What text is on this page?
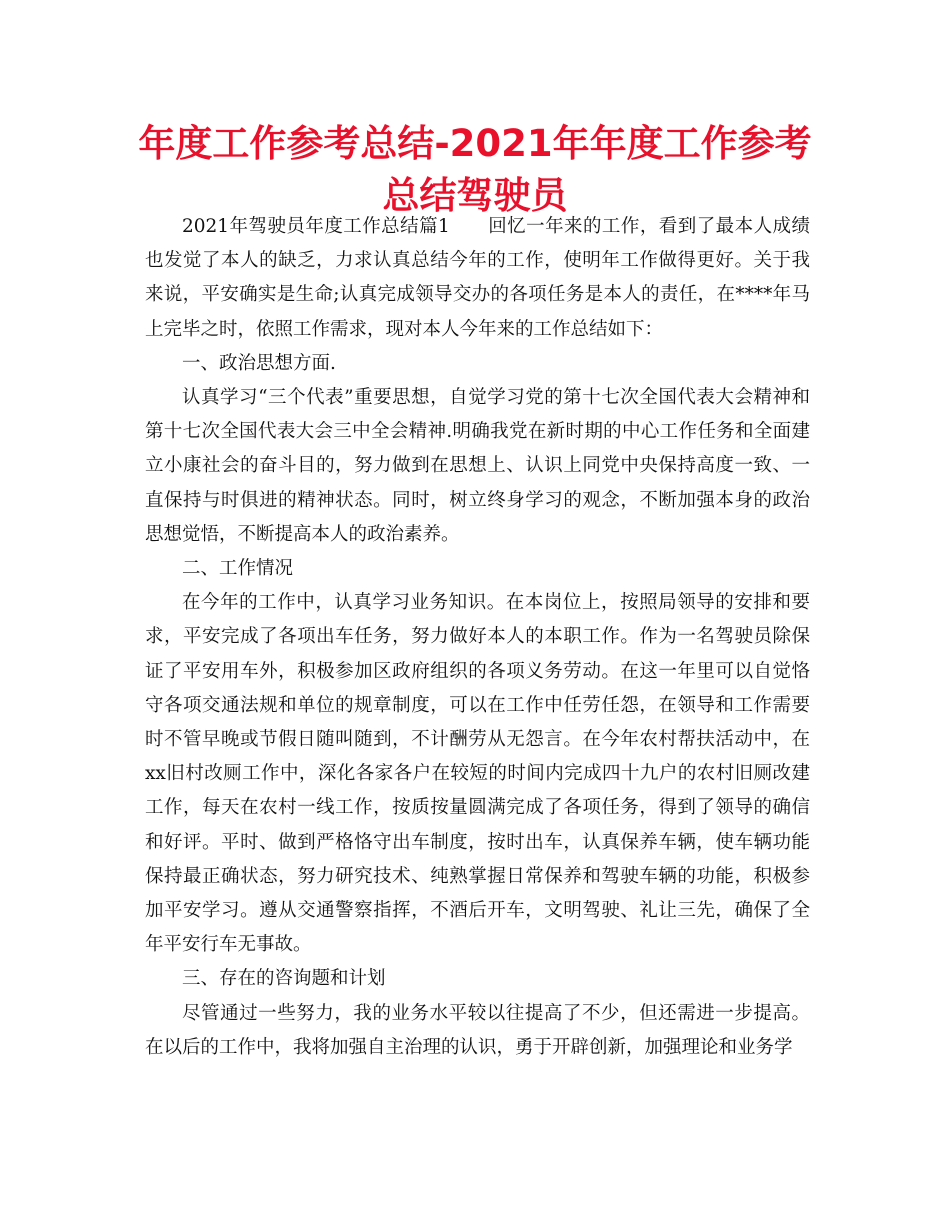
年度工作参考总结-2021年年度工作参考总结驾驶员

2021年驾驶员年度工作总结篇1　　回忆一年来的工作，看到了最本人成绩也发觉了本人的缺乏，力求认真总结今年的工作，使明年工作做得更好。关于我来说，平安确实是生命;认真完成领导交办的各项任务是本人的责任，在****年马上完毕之时，依照工作需求，现对本人今年来的工作总结如下：

一、政治思想方面.

认真学习“三个代表”重要思想，自觉学习党的第十七次全国代表大会精神和第十七次全国代表大会三中全会精神.明确我党在新时期的中心工作任务和全面建立小康社会的奋斗目的，努力做到在思想上、认识上同党中央保持高度一致、一直保持与时俱进的精神状态。同时，树立终身学习的观念，不断加强本身的政治思想觉悟，不断提高本人的政治素养。

二、工作情况

在今年的工作中，认真学习业务知识。在本岗位上，按照局领导的安排和要求，平安完成了各项出车任务，努力做好本人的本职工作。作为一名驾驶员除保证了平安用车外，积极参加区政府组织的各项义务劳动。在这一年里可以自觉恪守各项交通法规和单位的规章制度，可以在工作中任劳任怨，在领导和工作需要时不管早晚或节假日随叫随到，不计酬劳从无怨言。在今年农村帮扶活动中，在xx旧村改厕工作中，深化各家各户在较短的时间内完成四十九户的农村旧厕改建工作，每天在农村一线工作，按质按量圆满完成了各项任务，得到了领导的确信和好评。平时、做到严格恪守出车制度，按时出车，认真保养车辆，使车辆功能保持最正确状态，努力研究技术、纯熟掌握日常保养和驾驶车辆的功能，积极参加平安学习。遵从交通警察指挥，不酒后开车，文明驾驶、礼让三先，确保了全年平安行车无事故。

三、存在的咨询题和计划

尽管通过一些努力，我的业务水平较以往提高了不少，但还需进一步提高。在以后的工作中，我将加强自主治理的认识，勇于开辟创新，加强理论和业务学
